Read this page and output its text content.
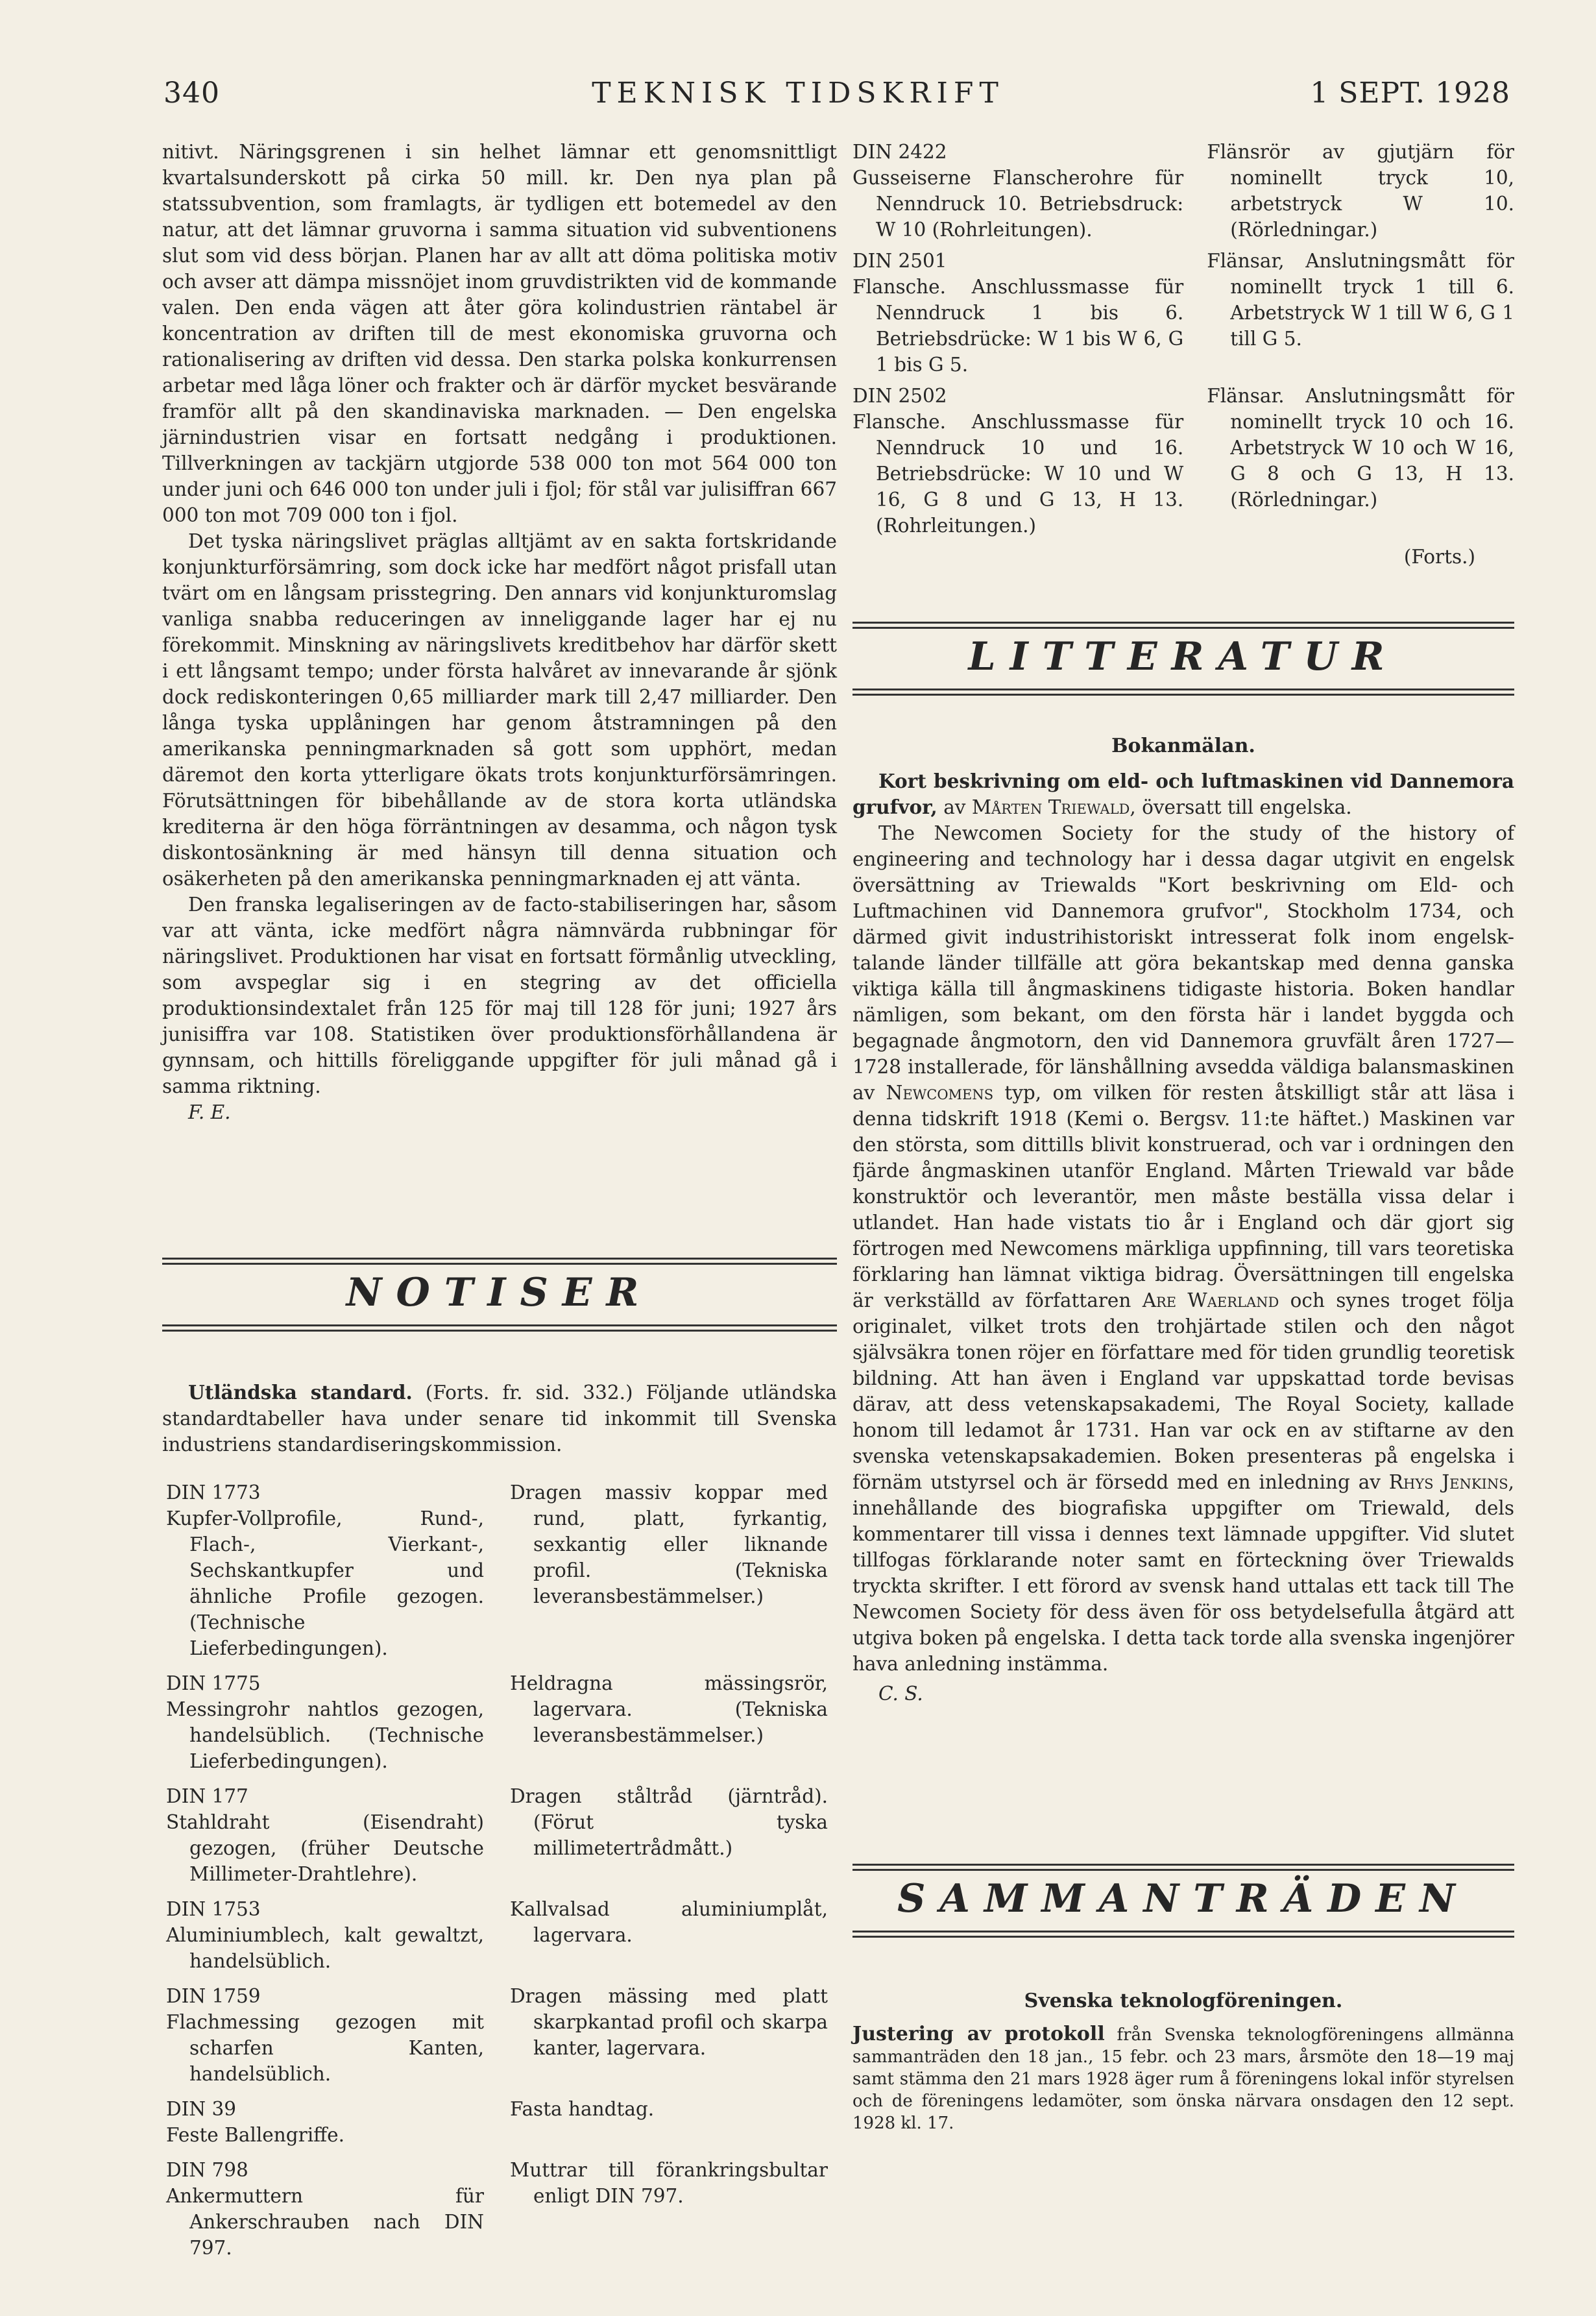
TEKNISK TIDSKRIFT
340	1 SEPT. 1928

nitivt. Näringsgrenen i sin helhet lämnar ett genomsnittligt kvartalsunderskott på cirka 50 mill. kr. Den nya plan på statssubvention, som framlagts, är tydligen ett botemedel av den natur, att det lämnar gruvorna i samma situation vid subventionens slut som vid dess början. Planen har av allt att döma politiska motiv och avser att dämpa missnöjet inom gruvdistrikten vid de kommande valen. Den enda vägen att åter göra kolindustrien räntabel är koncentration av driften till de mest ekonomiska gruvorna och rationalisering av driften vid dessa. Den starka polska konkurrensen arbetar med låga löner och frakter och är därför mycket besvärande framför allt på den skandinaviska marknaden. — Den engelska järnindustrien visar en fortsatt nedgång i produktionen. Tillverkningen av tackjärn utgjorde 538 000 ton mot 564 000 ton under juni och 646 000 ton under juli i fjol; för stål var julisiffran 667 000 ton mot 709 000 ton i fjol.

Det tyska näringslivet präglas alltjämt av en sakta fortskridande konjunkturförsämring, som dock icke har medfört något prisfall utan tvärt om en långsam prisstegring. Den annars vid konjunkturomslag vanliga snabba reduceringen av inneliggande lager har ej nu förekommit. Minskning av näringslivets kreditbehov har därför skett i ett långsamt tempo; under första halvåret av innevarande år sjönk dock rediskonteringen 0,65 milliarder mark till 2,47 milliarder. Den långa tyska upplåningen har genom åtstramningen på den amerikanska penningmarknaden så gott som upphört, medan däremot den korta ytterligare ökats trots konjunkturförsämringen. Förutsättningen för bibehållande av de stora korta utländska krediterna är den höga förräntningen av desamma, och någon tysk diskontosänkning är med hänsyn till denna situation och osäkerheten på den amerikanska penningmarknaden ej att vänta.

Den franska legaliseringen av de facto-stabiliseringen har, såsom var att vänta, icke medfört några nämnvärda rubbningar för näringslivet. Produktionen har visat en fortsatt förmånlig utveckling, som avspeglar sig i en stegring av det officiella produktionsindextalet från 125 för maj till 128 för juni; 1927 års junisiffra var 108. Statistiken över produktionsförhållandena är gynnsam, och hittills föreliggande uppgifter för juli månad gå i samma riktning.

F. E.

NOTISER

Utländska standard. (Forts. fr. sid. 332.) Följande utländska standardtabeller hava under senare tid inkommit till Svenska industriens standardiseringskommission.

DIN 1773
Kupfer-Vollprofile, Rund-, Flach-, Vierkant-, Sechskantkupfer und ähnliche Profile gezogen. (Technische Lieferbedingungen).
Dragen massiv koppar med rund, platt, fyrkantig, sexkantig eller liknande profil. (Tekniska leveransbestämmelser.)
DIN 1775
Messingrohr nahtlos gezogen, handelsüblich. (Technische Lieferbedingungen).
Heldragna mässingsrör, lagervara. (Tekniska leveransbestämmelser.)
DIN 177
Stahldraht (Eisendraht) gezogen, (früher Deutsche Millimeter-Drahtlehre).
Dragen ståltråd (järntråd). (Förut tyska millimetertrådmått.)
DIN 1753
Aluminiumblech, kalt gewaltzt, handelsüblich.
Kallvalsad aluminiumplåt, lagervara.
DIN 1759
Flachmessing gezogen mit scharfen Kanten, handelsüblich.
Dragen mässing med platt skarpkantad profil och skarpa kanter, lagervara.
DIN 39
Feste Ballengriffe.
Fasta handtag.
DIN 798
Ankermuttern für Ankerschrauben nach DIN 797.
Muttrar till förankringsbultar enligt DIN 797.
DIN 2422
Gusseiserne Flanscherohre für Nenndruck 10. Betriebsdruck: W 10 (Rohrleitungen).
Flänsrör av gjutjärn för nominellt tryck 10, arbetstryck W 10. (Rörledningar.)
DIN 2501
Flansche. Anschlussmasse für Nenndruck 1 bis 6. Betriebsdrücke: W 1 bis W 6, G 1 bis G 5.
Flänsar, Anslutningsmått för nominellt tryck 1 till 6. Arbetstryck W 1 till W 6, G 1 till G 5.
DIN 2502
Flansche. Anschlussmasse für Nenndruck 10 und 16. Betriebsdrücke: W 10 und W 16, G 8 und G 13, H 13. (Rohrleitungen.)
Flänsar. Anslutningsmått för nominellt tryck 10 och 16. Arbetstryck W 10 och W 16, G 8 och G 13, H 13. (Rörledningar.)
(Forts.)
LITTERATUR
Bokanmälan.

Kort beskrivning om eld- och luftmaskinen vid Dannemora grufvor, av Mårten Triewald, översatt till engelska.

The Newcomen Society for the study of the history of engineering and technology har i dessa dagar utgivit en engelsk översättning av Triewalds "Kort beskrivning om Eld- och Luftmachinen vid Dannemora grufvor", Stockholm 1734, och därmed givit industrihistoriskt intresserat folk inom engelsk-talande länder tillfälle att göra bekantskap med denna ganska viktiga källa till ångmaskinens tidigaste historia. Boken handlar nämligen, som bekant, om den första här i landet byggda och begagnade ångmotorn, den vid Dannemora gruvfält åren 1727—1728 installerade, för länshållning avsedda väldiga balansmaskinen av Newcomens typ, om vilken för resten åtskilligt står att läsa i denna tidskrift 1918 (Kemi o. Bergsv. 11:te häftet.) Maskinen var den största, som dittills blivit konstruerad, och var i ordningen den fjärde ångmaskinen utanför England. Mårten Triewald var både konstruktör och leverantör, men måste beställa vissa delar i utlandet. Han hade vistats tio år i England och där gjort sig förtrogen med Newcomens märkliga uppfinning, till vars teoretiska förklaring han lämnat viktiga bidrag. Översättningen till engelska är verkställd av författaren Are Waerland och synes troget följa originalet, vilket trots den trohjärtade stilen och den något självsäkra tonen röjer en författare med för tiden grundlig teoretisk bildning. Att han även i England var uppskattad torde bevisas därav, att dess vetenskapsakademi, The Royal Society, kallade honom till ledamot år 1731. Han var ock en av stiftarne av den svenska vetenskapsakademien. Boken presenteras på engelska i förnäm utstyrsel och är försedd med en inledning av Rhys Jenkins, innehållande des biografiska uppgifter om Triewald, dels kommentarer till vissa i dennes text lämnade uppgifter. Vid slutet tillfogas förklarande noter samt en förteckning över Triewalds tryckta skrifter. I ett förord av svensk hand uttalas ett tack till The Newcomen Society för dess även för oss betydelsefulla åtgärd att utgiva boken på engelska. I detta tack torde alla svenska ingenjörer hava anledning instämma.

C. S.

SAMMANTRÄDEN
Svenska teknologföreningen.

Justering av protokoll från Svenska teknologföreningens allmänna sammanträden den 18 jan., 15 febr. och 23 mars, årsmöte den 18—19 maj samt stämma den 21 mars 1928 äger rum å föreningens lokal inför styrelsen och de föreningens ledamöter, som önska närvara onsdagen den 12 sept. 1928 kl. 17.
